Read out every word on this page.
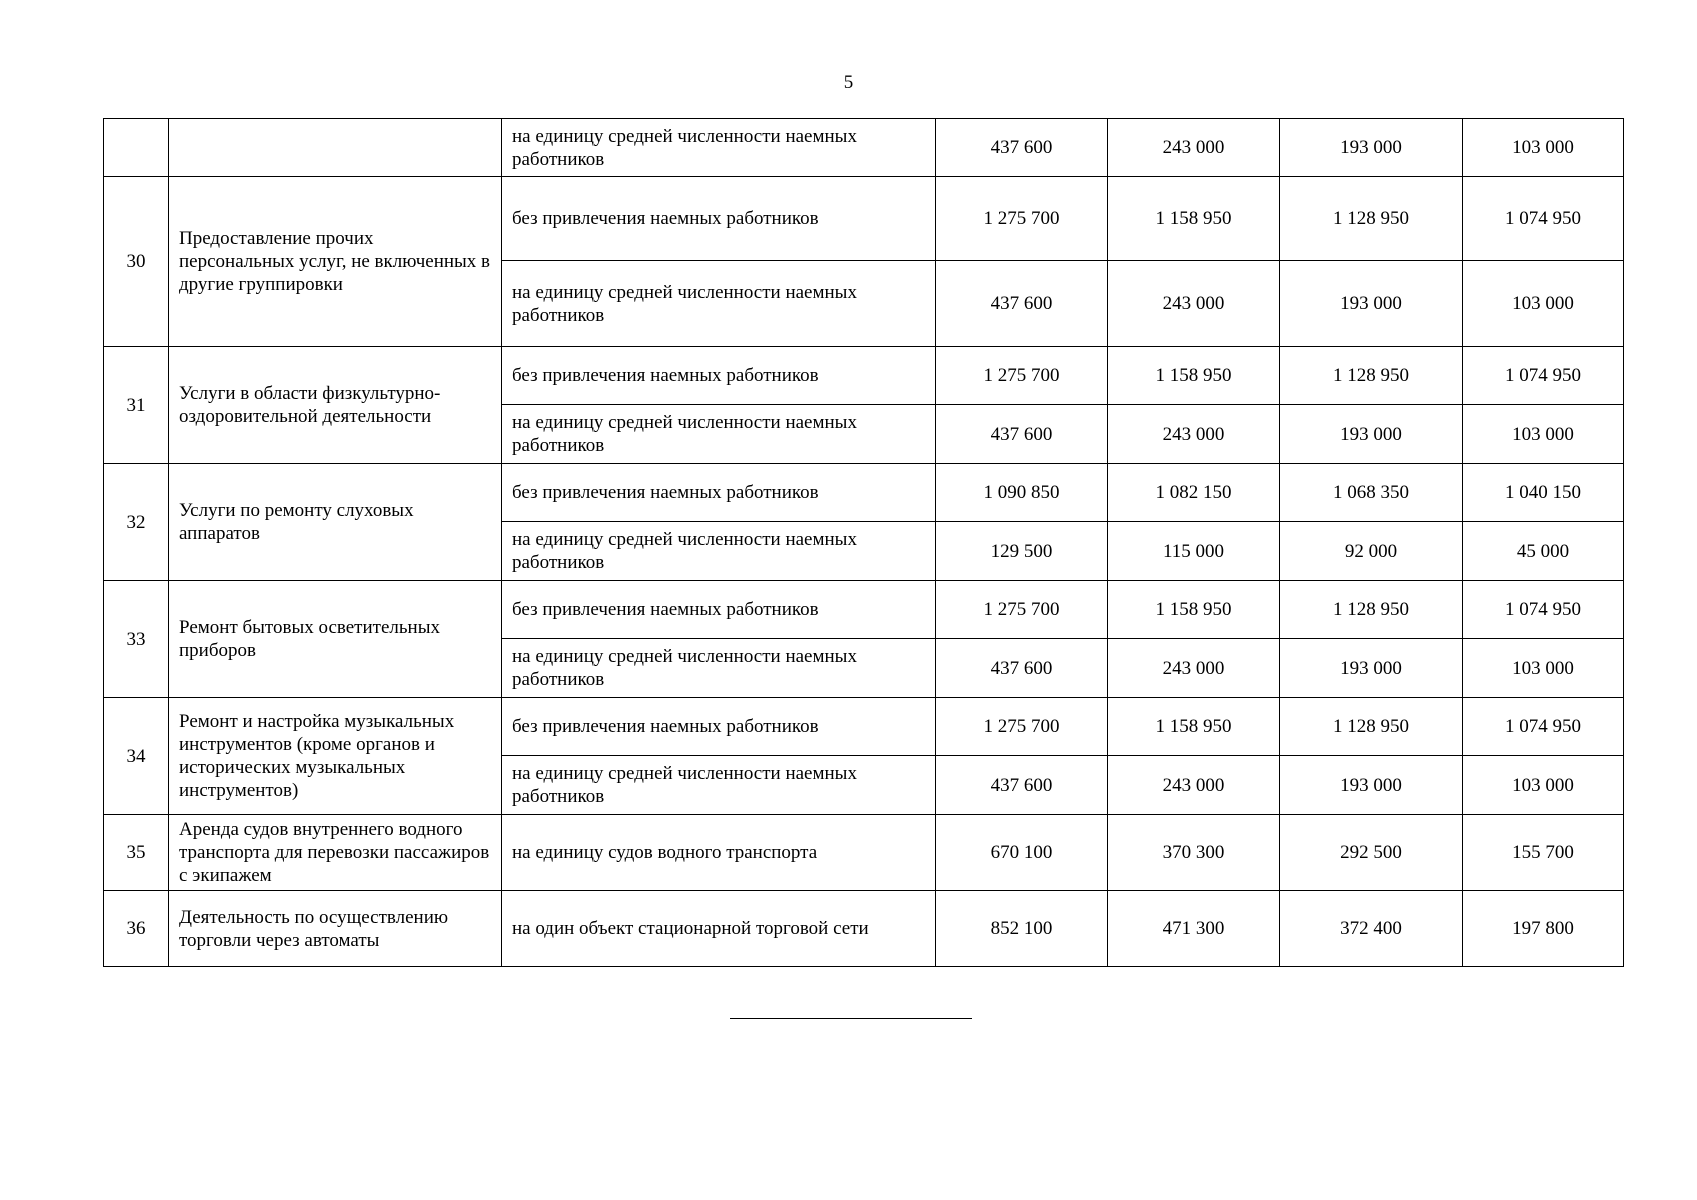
5
		на единицу средней численности наемных работников	437 600	243 000	193 000	103 000
30	Предоставление прочих персональных услуг, не включенных в другие группировки	без привлечения наемных работников	1 275 700	1 158 950	1 128 950	1 074 950
		на единицу средней численности наемных работников	437 600	243 000	193 000	103 000
31	Услуги в области физкультурно-оздоровительной деятельности	без привлечения наемных работников	1 275 700	1 158 950	1 128 950	1 074 950
		на единицу средней численности наемных работников	437 600	243 000	193 000	103 000
32	Услуги по ремонту слуховых аппаратов	без привлечения наемных работников	1 090 850	1 082 150	1 068 350	1 040 150
		на единицу средней численности наемных работников	129 500	115 000	92 000	45 000
33	Ремонт бытовых осветительных приборов	без привлечения наемных работников	1 275 700	1 158 950	1 128 950	1 074 950
		на единицу средней численности наемных работников	437 600	243 000	193 000	103 000
34	Ремонт и настройка музыкальных инструментов (кроме органов и исторических музыкальных инструментов)	без привлечения наемных работников	1 275 700	1 158 950	1 128 950	1 074 950
		на единицу средней численности наемных работников	437 600	243 000	193 000	103 000
35	Аренда судов внутреннего водного транспорта для перевозки пассажиров с экипажем	на единицу судов водного транспорта	670 100	370 300	292 500	155 700
36	Деятельность по осуществлению торговли через автоматы	на один объект стационарной торговой сети	852 100	471 300	372 400	197 800
